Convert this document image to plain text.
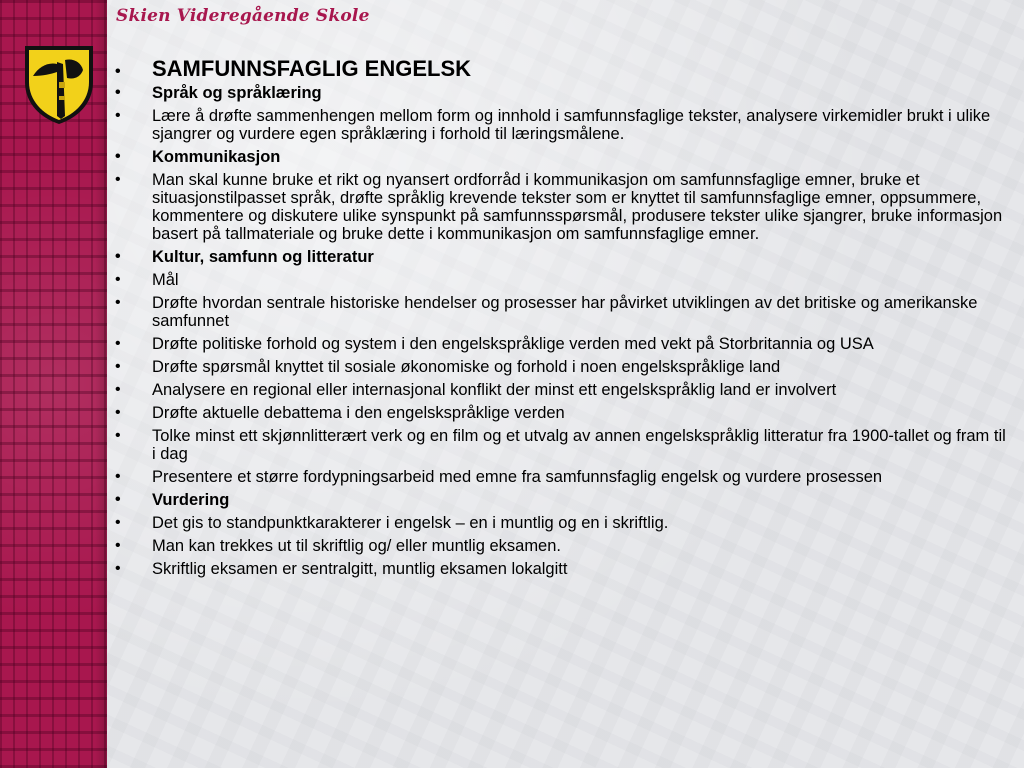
Skien Videregående Skole
• SAMFUNNSFAGLIG ENGELSK
• Språk og språklæring
• Lære å drøfte sammenhengen mellom form og innhold i samfunnsfaglige tekster, analysere virkemidler brukt i ulike sjangrer og vurdere egen språklæring i forhold til læringsmålene.
• Kommunikasjon
• Man skal kunne bruke et rikt og nyansert ordforråd i kommunikasjon om samfunnsfaglige emner, bruke et situasjonstilpasset språk, drøfte språklig krevende tekster som er knyttet til samfunnsfaglige emner, oppsummere, kommentere og diskutere ulike synspunkt på samfunnsspørsmål, produsere tekster ulike sjangrer, bruke informasjon basert på tallmateriale og bruke dette i kommunikasjon om samfunnsfaglige emner.
• Kultur, samfunn og litteratur
• Mål
• Drøfte hvordan sentrale historiske hendelser og prosesser har påvirket utviklingen av det britiske og amerikanske samfunnet
• Drøfte politiske forhold og system i den engelskspråklige verden med vekt på Storbritannia og USA
• Drøfte spørsmål knyttet til sosiale økonomiske og forhold i noen engelskspråklige land
• Analysere en regional eller internasjonal konflikt der minst ett engelskspråklig land er involvert
• Drøfte aktuelle debattema i den engelskspråklige verden
• Tolke minst ett skjønnlitterært verk og en film og et utvalg av annen engelskspråklig litteratur fra 1900-tallet og fram til i dag
• Presentere et større fordypningsarbeid med emne fra samfunnsfaglig engelsk og vurdere prosessen
• Vurdering
• Det gis to standpunktkarakterer i engelsk – en i muntlig og en i skriftlig.
• Man kan trekkes ut til skriftlig og/ eller muntlig eksamen.
• Skriftlig eksamen er sentralgitt, muntlig eksamen lokalgitt
